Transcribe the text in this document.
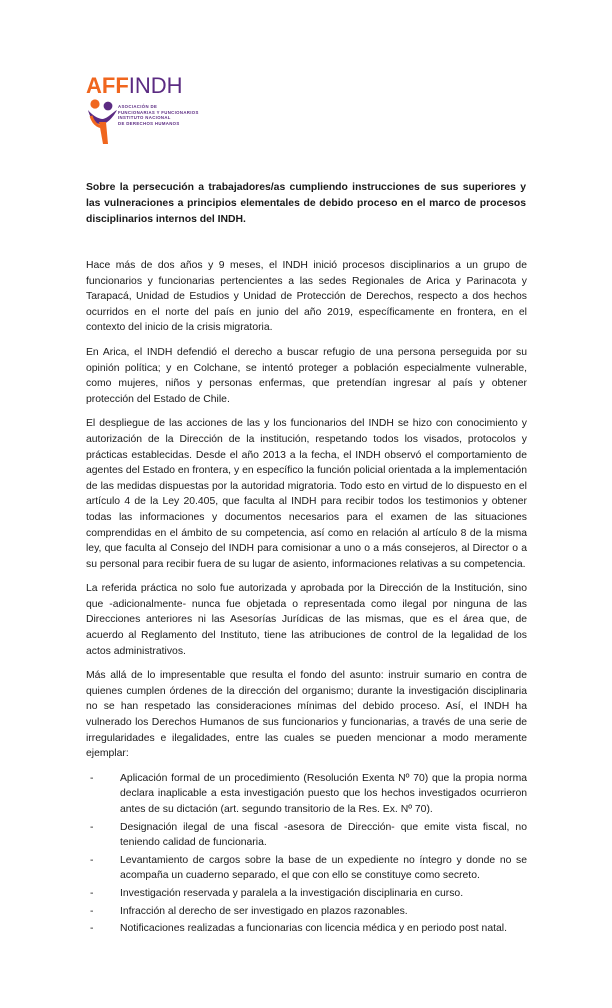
AFFINDH
ASOCIACIÓN DE
FUNCIONARIAS Y FUNCIONARIOS
INSTITUTO NACIONAL
DE DERECHOS HUMANOS

Sobre la persecución a trabajadores/as cumpliendo instrucciones de sus superiores y las vulneraciones a principios elementales de debido proceso en el marco de procesos disciplinarios internos del INDH.

Hace más de dos años y 9 meses, el INDH inició procesos disciplinarios a un grupo de funcionarios y funcionarias pertencientes a las sedes Regionales de Arica y Parinacota y Tarapacá, Unidad de Estudios y Unidad de Protección de Derechos, respecto a dos hechos ocurridos en el norte del país en junio del año 2019, específicamente en frontera, en el contexto del inicio de la crisis migratoria.

En Arica, el INDH defendió el derecho a buscar refugio de una persona perseguida por su opinión política; y en Colchane, se intentó proteger a población especialmente vulnerable, como mujeres, niños y personas enfermas, que pretendían ingresar al país y obtener protección del Estado de Chile.

El despliegue de las acciones de las y los funcionarios del INDH se hizo con conocimiento y autorización de la Dirección de la institución, respetando todos los visados, protocolos y prácticas establecidas. Desde el año 2013 a la fecha, el INDH observó el comportamiento de agentes del Estado en frontera, y en específico la función policial orientada a la implementación de las medidas dispuestas por la autoridad migratoria. Todo esto en virtud de lo dispuesto en el artículo 4 de la Ley 20.405, que faculta al INDH para recibir todos los testimonios y obtener todas las informaciones y documentos necesarios para el examen de las situaciones comprendidas en el ámbito de su competencia, así como en relación al artículo 8 de la misma ley, que faculta al Consejo del INDH para comisionar a uno o a más consejeros, al Director o a su personal para recibir fuera de su lugar de asiento, informaciones relativas a su competencia.

La referida práctica no solo fue autorizada y aprobada por la Dirección de la Institución, sino que -adicionalmente- nunca fue objetada o representada como ilegal por ninguna de las Direcciones anteriores ni las Asesorías Jurídicas de las mismas, que es el área que, de acuerdo al Reglamento del Instituto, tiene las atribuciones de control de la legalidad de los actos administrativos.

Más allá de lo impresentable que resulta el fondo del asunto: instruir sumario en contra de quienes cumplen órdenes de la dirección del organismo; durante la investigación disciplinaria no se han respetado las consideraciones mínimas del debido proceso. Así, el INDH ha vulnerado los Derechos Humanos de sus funcionarios y funcionarias, a través de una serie de irregularidades e ilegalidades, entre las cuales se pueden mencionar a modo meramente ejemplar:

-	Aplicación formal de un procedimiento (Resolución Exenta Nº 70) que la propia norma declara inaplicable a esta investigación puesto que los hechos investigados ocurrieron antes de su dictación (art. segundo transitorio de la Res. Ex. Nº 70).
-	Designación ilegal de una fiscal -asesora de Dirección- que emite vista fiscal, no teniendo calidad de funcionaria.
-	Levantamiento de cargos sobre la base de un expediente no íntegro y donde no se acompaña un cuaderno separado, el que con ello se constituye como secreto.
-	Investigación reservada y paralela a la investigación disciplinaria en curso.
-	Infracción al derecho de ser investigado en plazos razonables.
-	Notificaciones realizadas a funcionarias con licencia médica y en periodo post natal.
